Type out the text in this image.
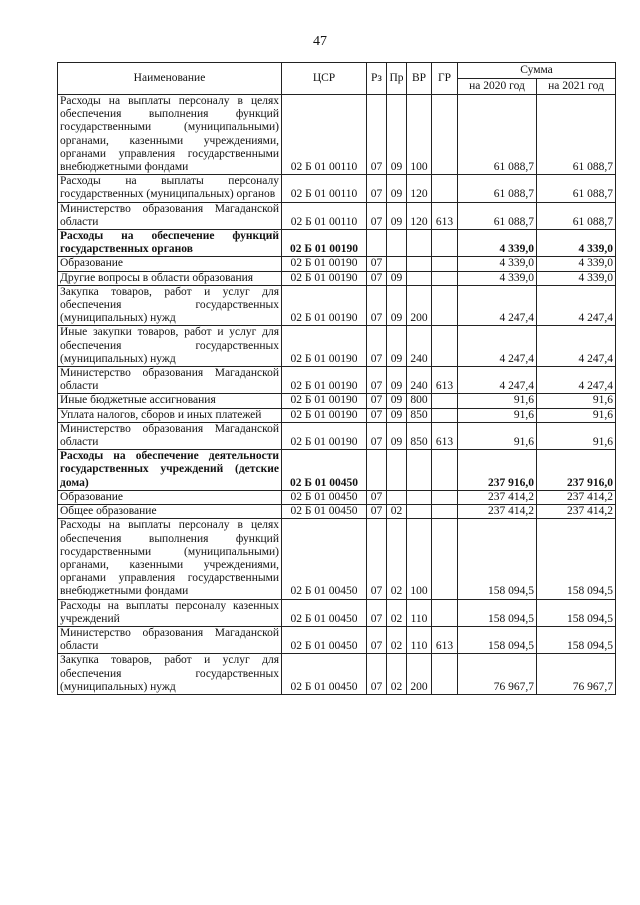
47
Наименование	ЦСР	Рз	Пр	ВР	ГР	Сумма	
						на 2020 год	на 2021 год
Расходы на выплаты персоналу в целях обеспечения выполнения функций государственными (муниципальными) органами, казенными учреждениями, органами управления государственными внебюджетными фондами	02 Б 01 00110	07	09	100		61 088,7	61 088,7
Расходы на выплаты персоналу государственных (муниципальных) органов	02 Б 01 00110	07	09	120		61 088,7	61 088,7
Министерство образования Магаданской области	02 Б 01 00110	07	09	120	613	61 088,7	61 088,7
Расходы на обеспечение функций государственных органов	02 Б 01 00190					4 339,0	4 339,0
Образование	02 Б 01 00190	07				4 339,0	4 339,0
Другие вопросы в области образования	02 Б 01 00190	07	09			4 339,0	4 339,0
Закупка товаров, работ и услуг для обеспечения государственных (муниципальных) нужд	02 Б 01 00190	07	09	200		4 247,4	4 247,4
Иные закупки товаров, работ и услуг для обеспечения государственных (муниципальных) нужд	02 Б 01 00190	07	09	240		4 247,4	4 247,4
Министерство образования Магаданской области	02 Б 01 00190	07	09	240	613	4 247,4	4 247,4
Иные бюджетные ассигнования	02 Б 01 00190	07	09	800		91,6	91,6
Уплата налогов, сборов и иных платежей	02 Б 01 00190	07	09	850		91,6	91,6
Министерство образования Магаданской области	02 Б 01 00190	07	09	850	613	91,6	91,6
Расходы на обеспечение деятельности государственных учреждений (детские дома)	02 Б 01 00450					237 916,0	237 916,0
Образование	02 Б 01 00450	07				237 414,2	237 414,2
Общее образование	02 Б 01 00450	07	02			237 414,2	237 414,2
Расходы на выплаты персоналу в целях обеспечения выполнения функций государственными (муниципальными) органами, казенными учреждениями, органами управления государственными внебюджетными фондами	02 Б 01 00450	07	02	100		158 094,5	158 094,5
Расходы на выплаты персоналу казенных учреждений	02 Б 01 00450	07	02	110		158 094,5	158 094,5
Министерство образования Магаданской области	02 Б 01 00450	07	02	110	613	158 094,5	158 094,5
Закупка товаров, работ и услуг для обеспечения государственных (муниципальных) нужд	02 Б 01 00450	07	02	200		76 967,7	76 967,7
